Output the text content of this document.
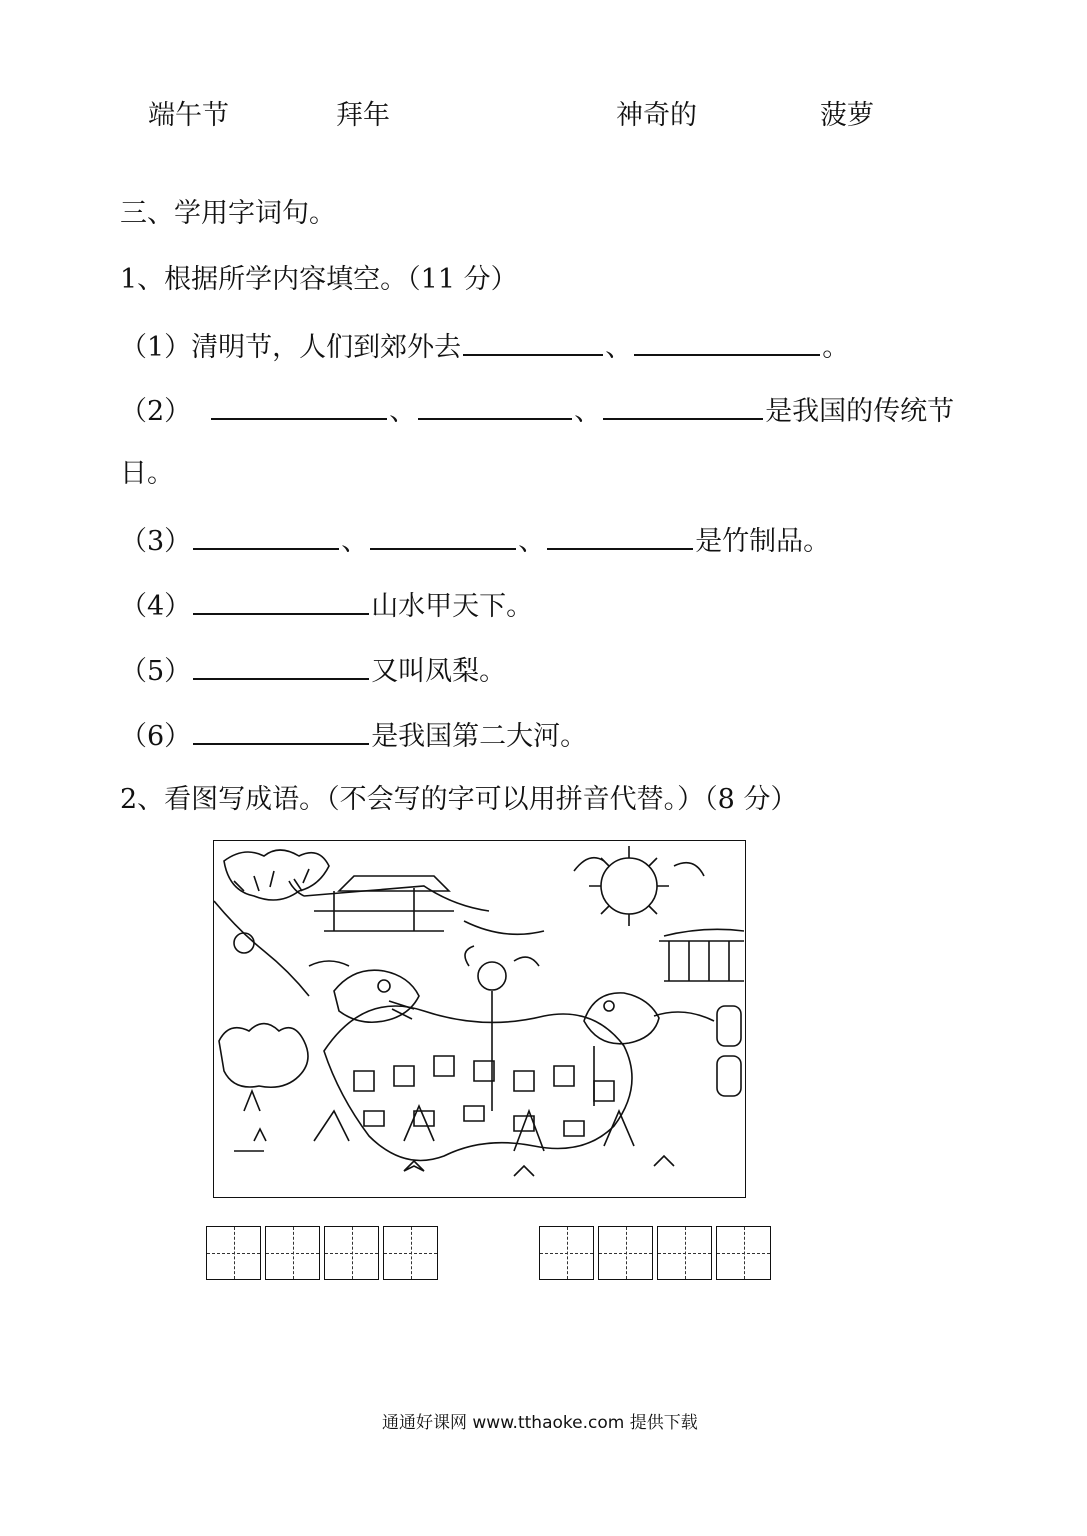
端午节	拜年	神奇的	菠萝
三、学用字词句。
1、根据所学内容填空。（11 分）
（1）清明节，人们到郊外去	、	。
（2）	、	、	是我国的传统节
日。
（3）	、	、	是竹制品。
（4）	山水甲天下。
（5）	又叫凤梨。
（6）	是我国第二大河。
2、看图写成语。（不会写的字可以用拼音代替。）（8 分）
通通好课网 www.tthaoke.com 提供下载
